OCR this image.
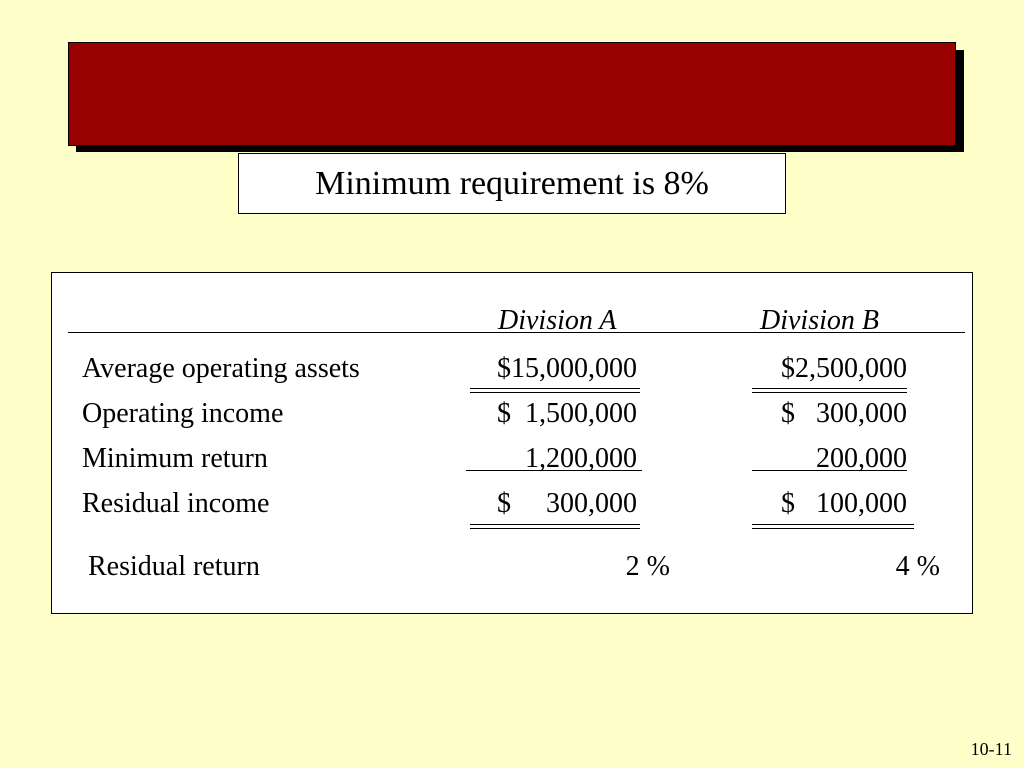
Minimum requirement is 8%
Division A	Division B
Average operating assets
Operating income
Minimum return
Residual income
Residual return
$15,000,000
$  1,500,000
1,200,000
$     300,000
2 %
$2,500,000
$   300,000
200,000
$   100,000
4 %
10-11
